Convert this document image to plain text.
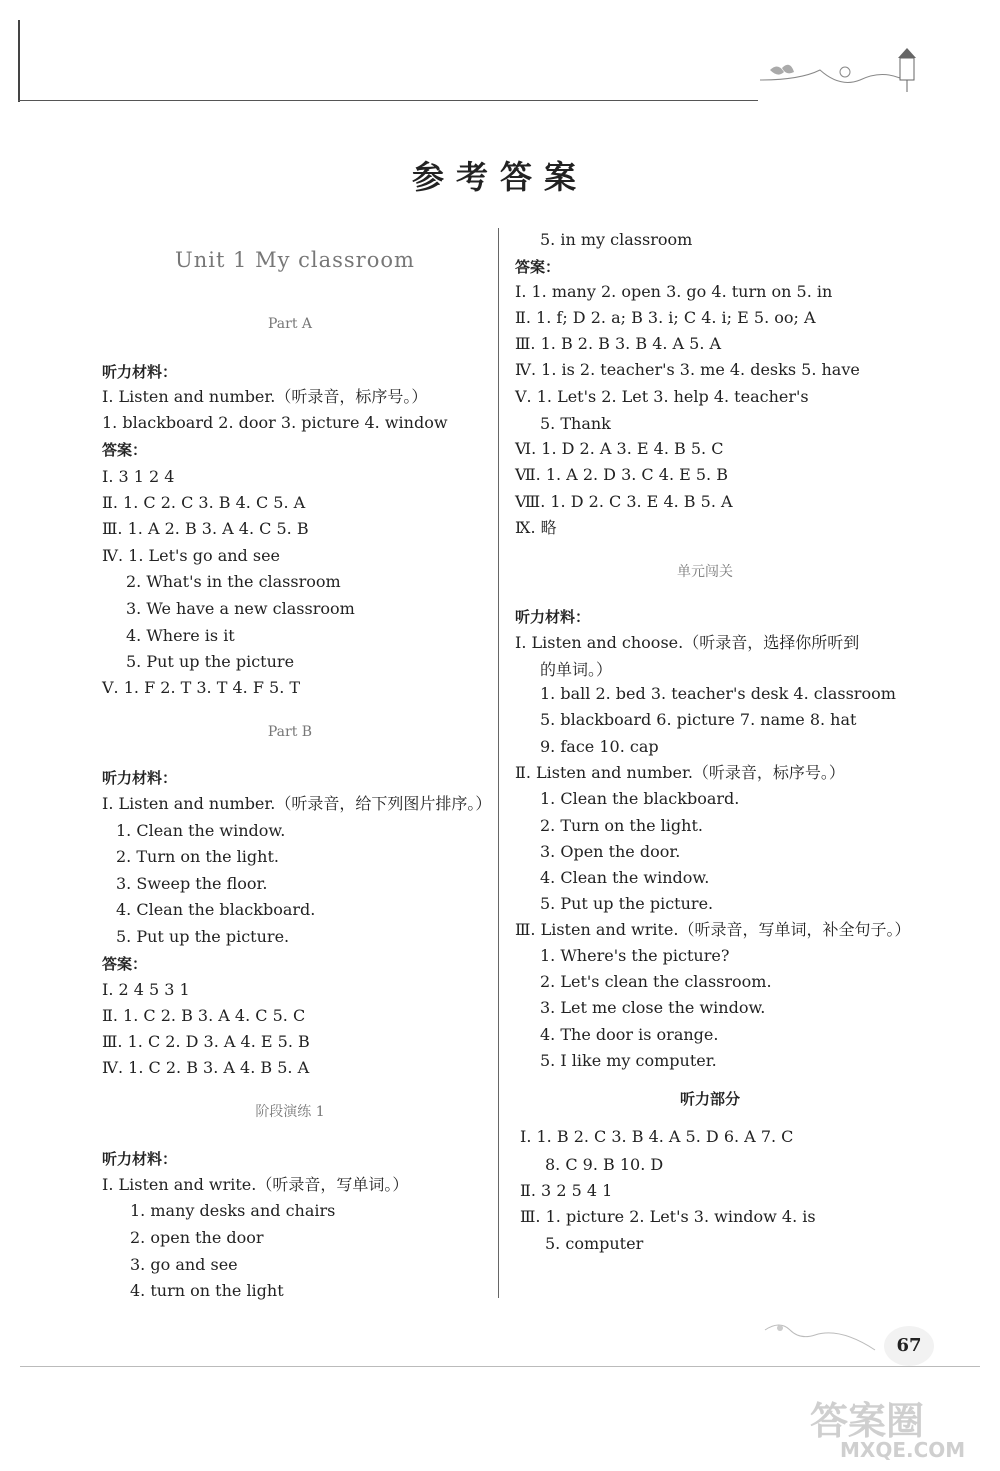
参考答案
Unit 1 My classroom
Part A
听力材料：
Ⅰ. Listen and number.（听录音，标序号。）
1. blackboard 2. door 3. picture 4. window
答案：
Ⅰ. 3 1 2 4
Ⅱ. 1. C 2. C 3. B 4. C 5. A
Ⅲ. 1. A 2. B 3. A 4. C 5. B
Ⅳ. 1. Let's go and see
2. What's in the classroom
3. We have a new classroom
4. Where is it
5. Put up the picture
Ⅴ. 1. F 2. T 3. T 4. F 5. T
Part B
听力材料：
Ⅰ. Listen and number.（听录音，给下列图片排序。）
1. Clean the window.
2. Turn on the light.
3. Sweep the floor.
4. Clean the blackboard.
5. Put up the picture.
答案：
Ⅰ. 2 4 5 3 1
Ⅱ. 1. C 2. B 3. A 4. C 5. C
Ⅲ. 1. C 2. D 3. A 4. E 5. B
Ⅳ. 1. C 2. B 3. A 4. B 5. A
阶段演练 1
听力材料：
Ⅰ. Listen and write.（听录音，写单词。）
1. many desks and chairs
2. open the door
3. go and see
4. turn on the light
5. in my classroom
答案：
Ⅰ. 1. many 2. open 3. go 4. turn on 5. in
Ⅱ. 1. f; D 2. a; B 3. i; C 4. i; E 5. oo; A
Ⅲ. 1. B 2. B 3. B 4. A 5. A
Ⅳ. 1. is 2. teacher's 3. me 4. desks 5. have
Ⅴ. 1. Let's 2. Let 3. help 4. teacher's
5. Thank
Ⅵ. 1. D 2. A 3. E 4. B 5. C
Ⅶ. 1. A 2. D 3. C 4. E 5. B
Ⅷ. 1. D 2. C 3. E 4. B 5. A
Ⅸ. 略
单元闯关
听力材料：
Ⅰ. Listen and choose.（听录音，选择你所听到
的单词。）
1. ball 2. bed 3. teacher's desk 4. classroom
5. blackboard 6. picture 7. name 8. hat
9. face 10. cap
Ⅱ. Listen and number.（听录音，标序号。）
1. Clean the blackboard.
2. Turn on the light.
3. Open the door.
4. Clean the window.
5. Put up the picture.
Ⅲ. Listen and write.（听录音，写单词，补全句子。）
1. Where's the picture?
2. Let's clean the classroom.
3. Let me close the window.
4. The door is orange.
5. I like my computer.
听力部分
Ⅰ. 1. B 2. C 3. B 4. A 5. D 6. A 7. C
8. C 9. B 10. D
Ⅱ. 3 2 5 4 1
Ⅲ. 1. picture 2. Let's 3. window 4. is
5. computer
67
答案圈
MXQE.COM
